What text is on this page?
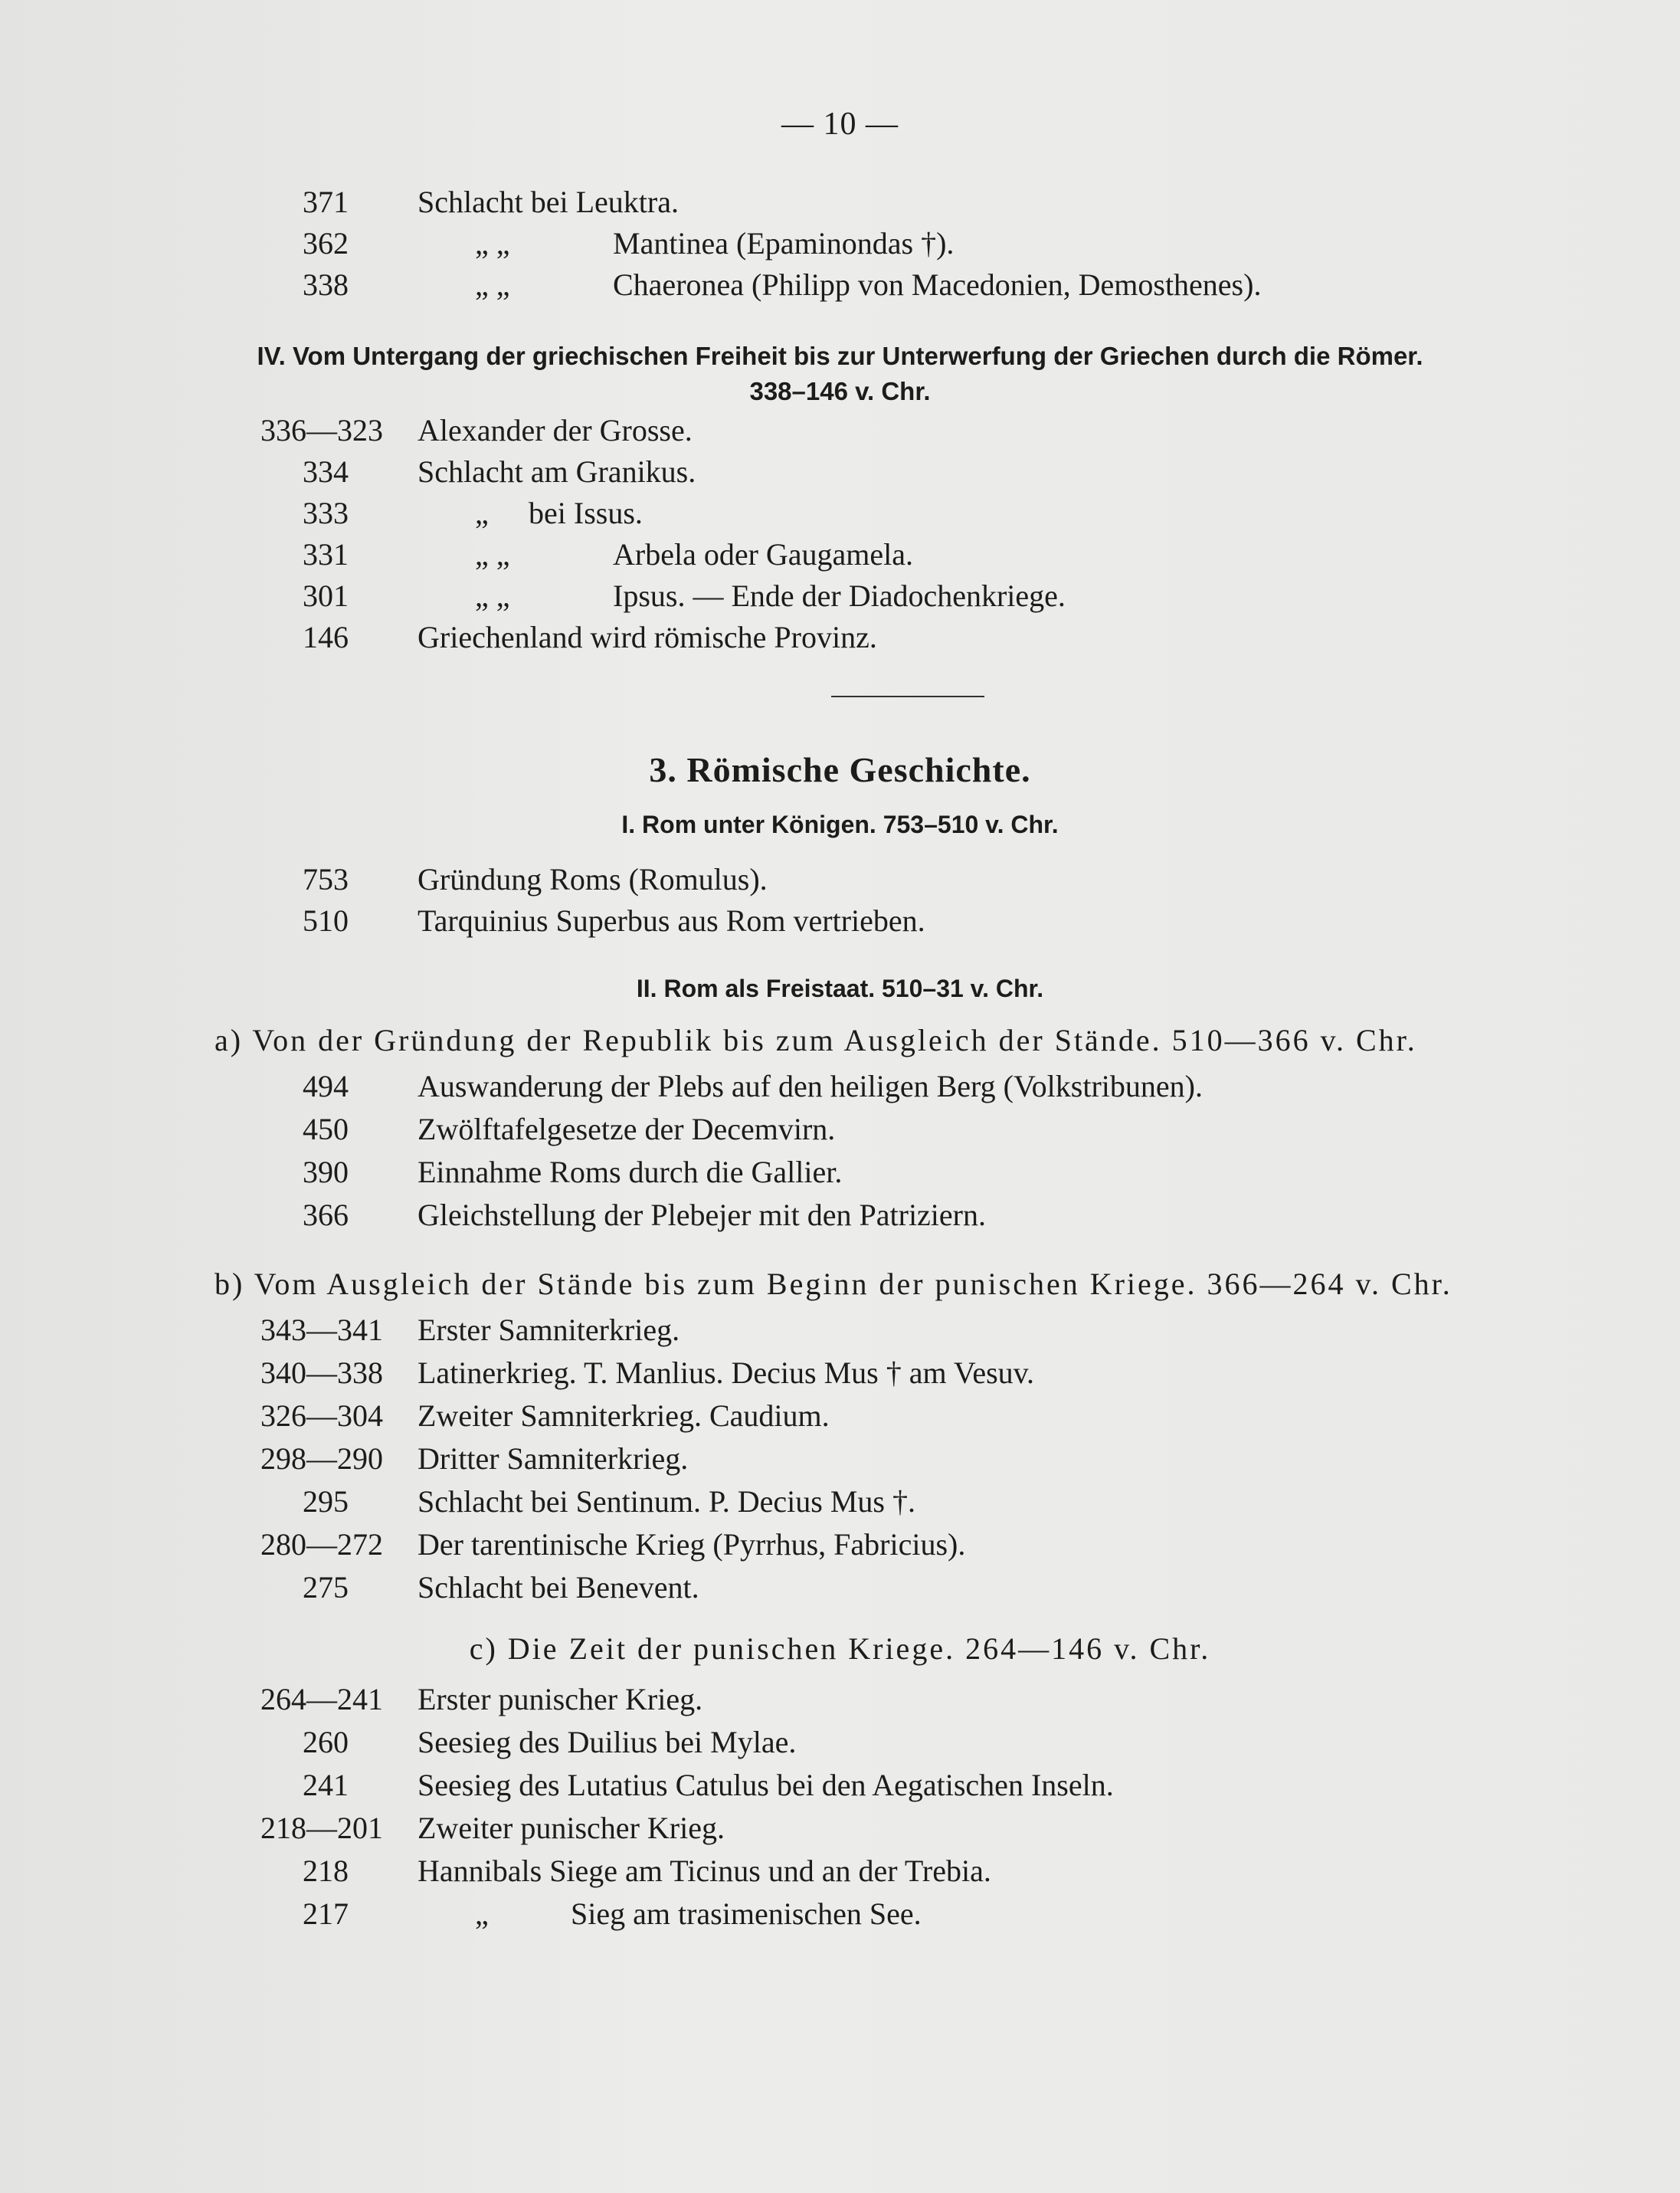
— 10 —
371 Schlacht bei Leuktra.
362	„ „	Mantinea (Epaminondas †).
338	„ „	Chaeronea (Philipp von Macedonien, Demosthenes).
IV. Vom Untergang der griechischen Freiheit bis zur Unterwerfung der Griechen durch die Römer.
338–146 v. Chr.
336—323 Alexander der Grosse.
334 Schlacht am Granikus.
333	„ bei Issus.
331	„ „	Arbela oder Gaugamela.
301	„ „	Ipsus. — Ende der Diadochenkriege.
146 Griechenland wird römische Provinz.
3. Römische Geschichte.
I. Rom unter Königen. 753–510 v. Chr.
753 Gründung Roms (Romulus).
510 Tarquinius Superbus aus Rom vertrieben.
II. Rom als Freistaat. 510–31 v. Chr.
a) Von der Gründung der Republik bis zum Ausgleich der Stände. 510—366 v. Chr.
494 Auswanderung der Plebs auf den heiligen Berg (Volkstribunen).
450 Zwölftafelgesetze der Decemvirn.
390 Einnahme Roms durch die Gallier.
366 Gleichstellung der Plebejer mit den Patriziern.
b) Vom Ausgleich der Stände bis zum Beginn der punischen Kriege. 366—264 v. Chr.
343—341 Erster Samniterkrieg.
340—338 Latinerkrieg. T. Manlius. Decius Mus † am Vesuv.
326—304 Zweiter Samniterkrieg. Caudium.
298—290 Dritter Samniterkrieg.
295 Schlacht bei Sentinum. P. Decius Mus †.
280—272 Der tarentinische Krieg (Pyrrhus, Fabricius).
275 Schlacht bei Benevent.
c) Die Zeit der punischen Kriege. 264—146 v. Chr.
264—241 Erster punischer Krieg.
260 Seesieg des Duilius bei Mylae.
241 Seesieg des Lutatius Catulus bei den Aegatischen Inseln.
218—201 Zweiter punischer Krieg.
218 Hannibals Siege am Ticinus und an der Trebia.
217	„	Sieg am trasimenischen See.
